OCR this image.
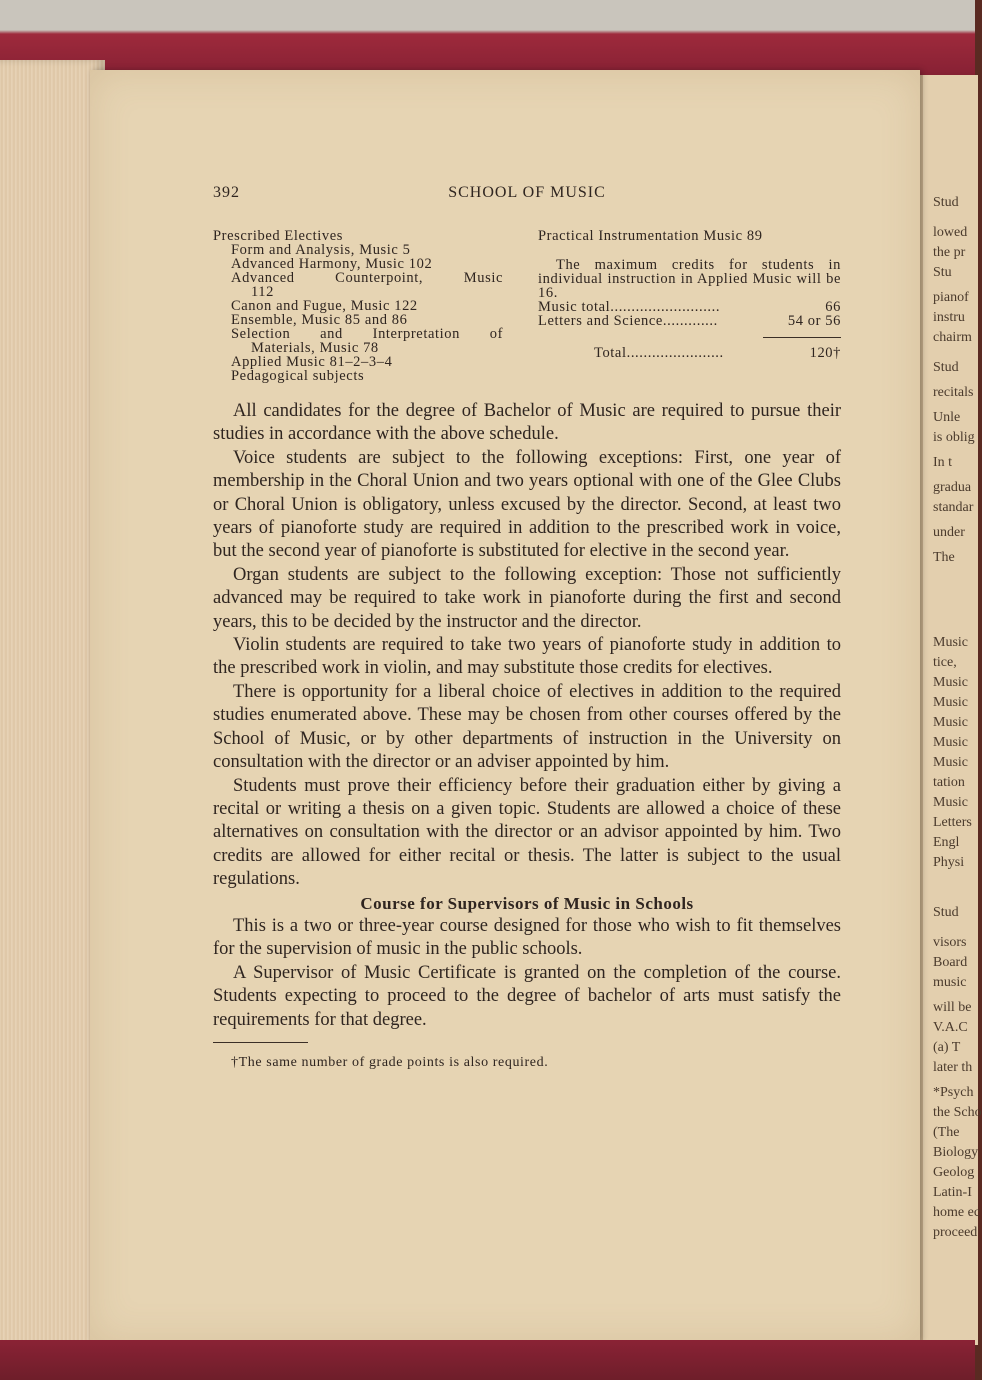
Stud
lowed
the pr
Stu
pianof
instru
chairm
Stud
recitals
Unle
is oblig
In t
gradua
standar
under
The
Music
tice,
Music
Music
Music
Music
Music
tation
Music
Letters
Engl
Physi
Stud
visors
Board
music
will be
V.A.C
(a) T
later th
*Psych
the Scho
(The
Biology
Geolog
Latin-I
home ec
proceed
392	SCHOOL OF MUSIC
Prescribed Electives
Form and Analysis, Music 5
Advanced Harmony, Music 102
Advanced Counterpoint, Music
112
Canon and Fugue, Music 122
Ensemble, Music 85 and 86
Selection and Interpretation of
Materials, Music 78
Applied Music 81–2–3–4
Pedagogical subjects
Practical Instrumentation Music 89
The maximum credits for students in individual instruction in Applied Music will be 16.
Music total..........................	66
Letters and Science.............	54 or 56
Total.......................	120†

All candidates for the degree of Bachelor of Music are required to pursue their studies in accordance with the above schedule.

Voice students are subject to the following exceptions: First, one year of membership in the Choral Union and two years optional with one of the Glee Clubs or Choral Union is obligatory, unless excused by the director. Second, at least two years of pianoforte study are required in addition to the prescribed work in voice, but the second year of pianoforte is substituted for elective in the second year.

Organ students are subject to the following exception: Those not sufficiently advanced may be required to take work in pianoforte during the first and second years, this to be decided by the instructor and the director.

Violin students are required to take two years of pianoforte study in addition to the prescribed work in violin, and may substitute those credits for electives.

There is opportunity for a liberal choice of electives in addition to the required studies enumerated above. These may be chosen from other courses offered by the School of Music, or by other departments of instruction in the University on consultation with the director or an adviser appointed by him.

Students must prove their efficiency before their graduation either by giving a recital or writing a thesis on a given topic. Students are allowed a choice of these alternatives on consultation with the director or an advisor appointed by him. Two credits are allowed for either recital or thesis. The latter is subject to the usual regulations.

Course for Supervisors of Music in Schools

This is a two or three-year course designed for those who wish to fit themselves for the supervision of music in the public schools.

A Supervisor of Music Certificate is granted on the completion of the course. Students expecting to proceed to the degree of bachelor of arts must satisfy the requirements for that degree.

†The same number of grade points is also required.
